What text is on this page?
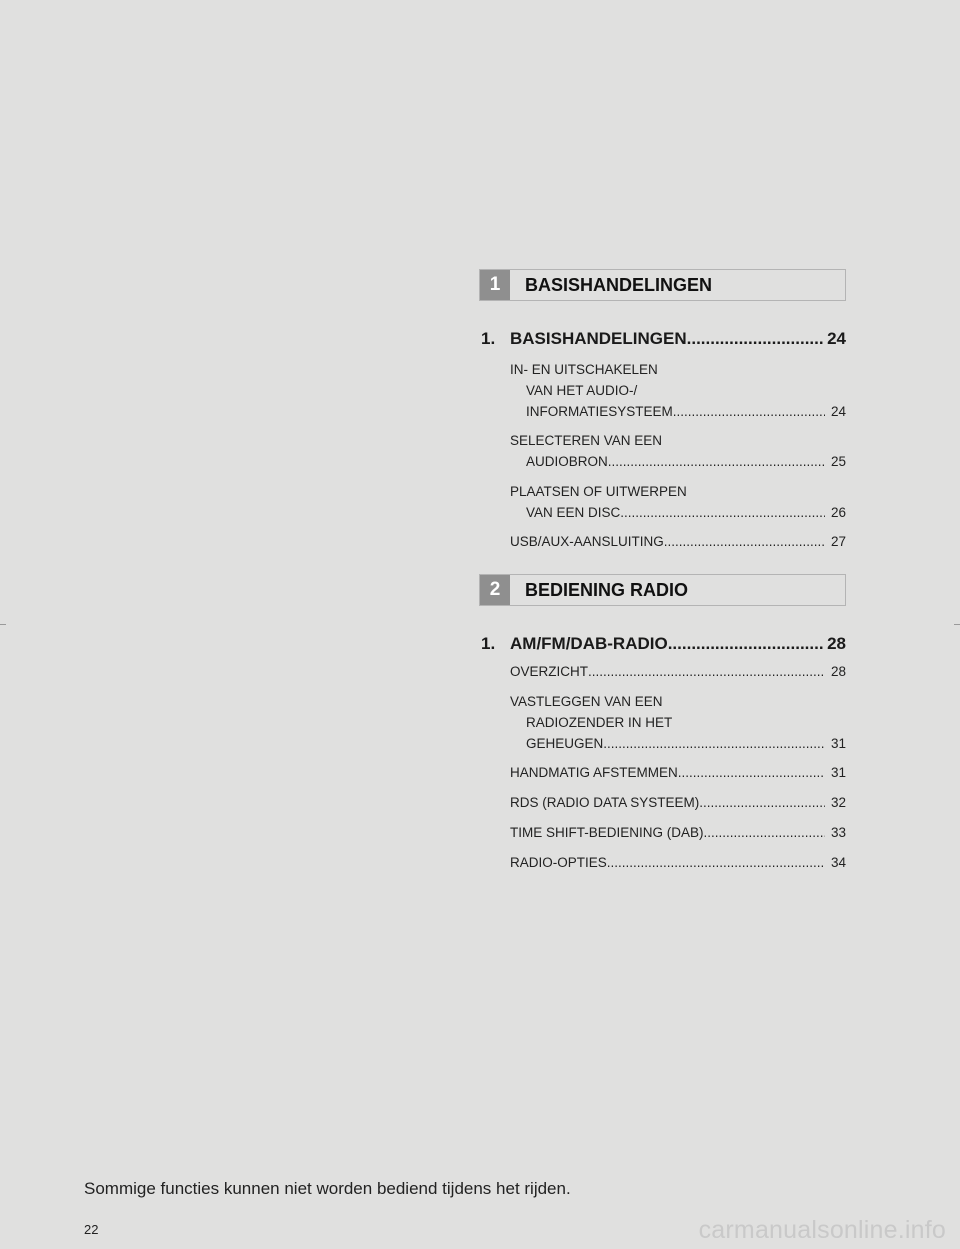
1	BASISHANDELINGEN
1. BASISHANDELINGEN .....	24
IN- EN UITSCHAKELEN
VAN HET AUDIO-/
INFORMATIESYSTEEM .....	24
SELECTEREN VAN EEN
AUDIOBRON .....	25
PLAATSEN OF UITWERPEN
VAN EEN DISC .....	26
USB/AUX-AANSLUITING .....	27
2	BEDIENING RADIO
1. AM/FM/DAB-RADIO .....	28
OVERZICHT .....	28
VASTLEGGEN VAN EEN
RADIOZENDER IN HET
GEHEUGEN .....	31
HANDMATIG AFSTEMMEN .....	31
RDS (RADIO DATA SYSTEEM) .....	32
TIME SHIFT-BEDIENING (DAB) .....	33
RADIO-OPTIES .....	34
Sommige functies kunnen niet worden bediend tijdens het rijden.
22	carmanualsonline.info
